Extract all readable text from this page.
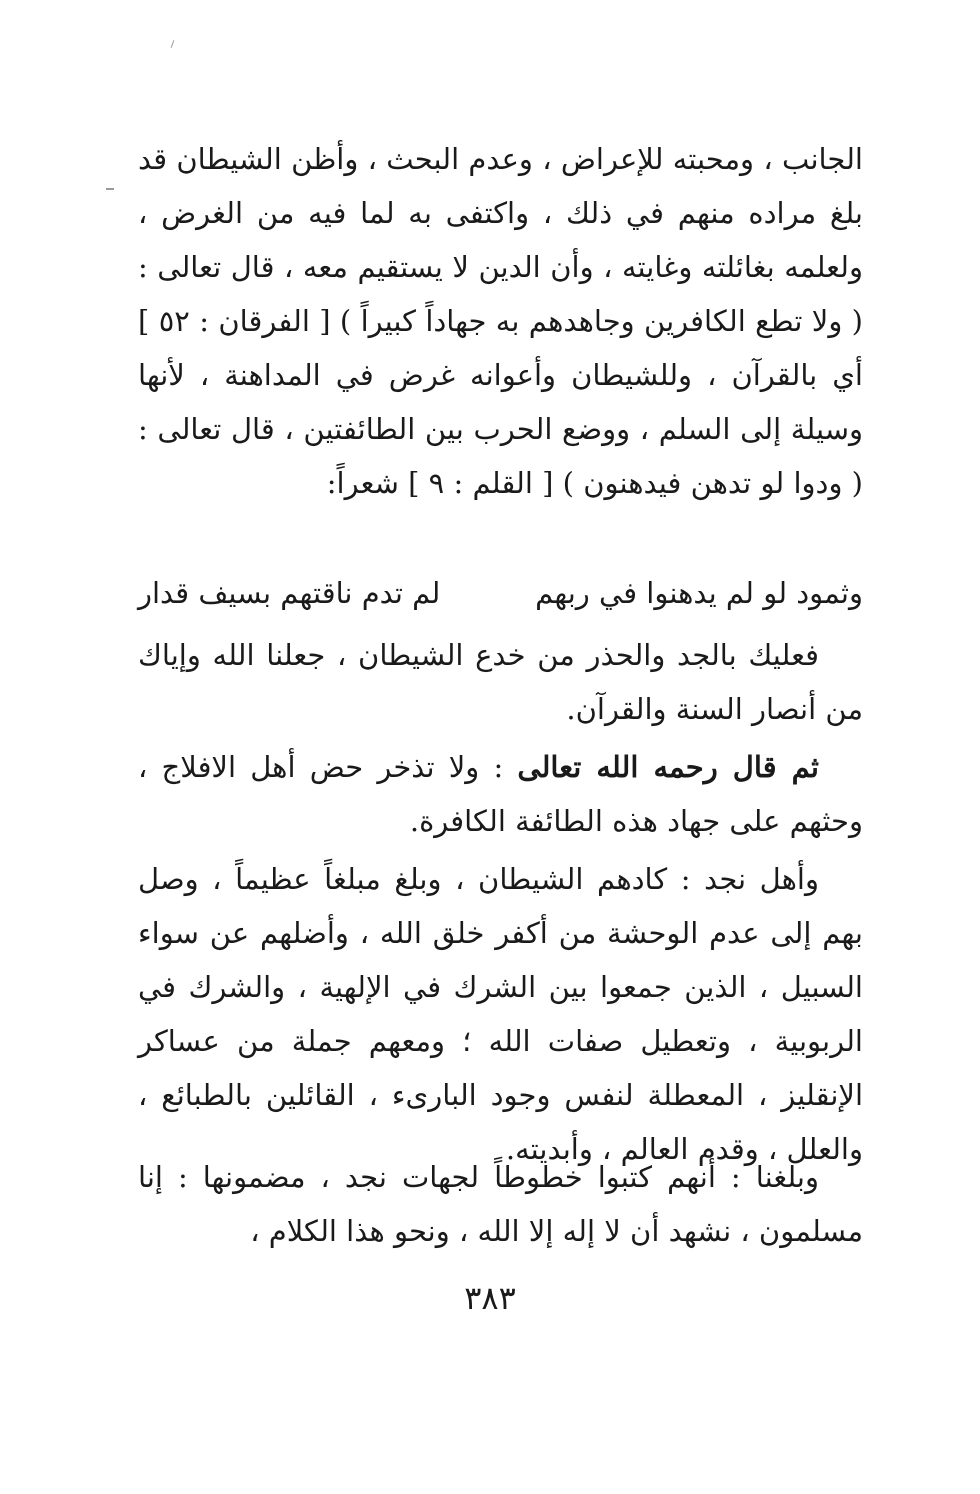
الجانب ، ومحبته للإعراض ، وعدم البحث ، وأظن الشيطان قد بلغ مراده منهم في ذلك ، واكتفى به لما فيه من الغرض ، ولعلمه بغائلته وغايته ، وأن الدين لا يستقيم معه ، قال تعالى : ( ولا تطع الكافرين وجاهدهم به جهاداً كبيراً ) [ الفرقان : ٥٢ ] أي بالقرآن ، وللشيطان وأعوانه غرض في المداهنة ، لأنها وسيلة إلى السلم ، ووضع الحرب بين الطائفتين ، قال تعالى : ( ودوا لو تدهن فيدهنون ) [ القلم : ٩ ] شعراً:

وثمود لو لم يدهنوا في ربهم
لم تدم ناقتهم بسيف قدار

فعليك بالجد والحذر من خدع الشيطان ، جعلنا الله وإياك من أنصار السنة والقرآن.

ثم قال رحمه الله تعالى : ولا تذخر حض أهل الافلاج ، وحثهم على جهاد هذه الطائفة الكافرة.

وأهل نجد : كادهم الشيطان ، وبلغ مبلغاً عظيماً ، وصل بهم إلى عدم الوحشة من أكفر خلق الله ، وأضلهم عن سواء السبيل ، الذين جمعوا بين الشرك في الإلهية ، والشرك في الربوبية ، وتعطيل صفات الله ؛ ومعهم جملة من عساكر الإنقليز ، المعطلة لنفس وجود البارىء ، القائلين بالطبائع ، والعلل ، وقدم العالم ، وأبديته.

وبلغنا : أنهم كتبوا خطوطاً لجهات نجد ، مضمونها : إنا مسلمون ، نشهد أن لا إله إلا الله ، ونحو هذا الكلام ،

٣٨٣
